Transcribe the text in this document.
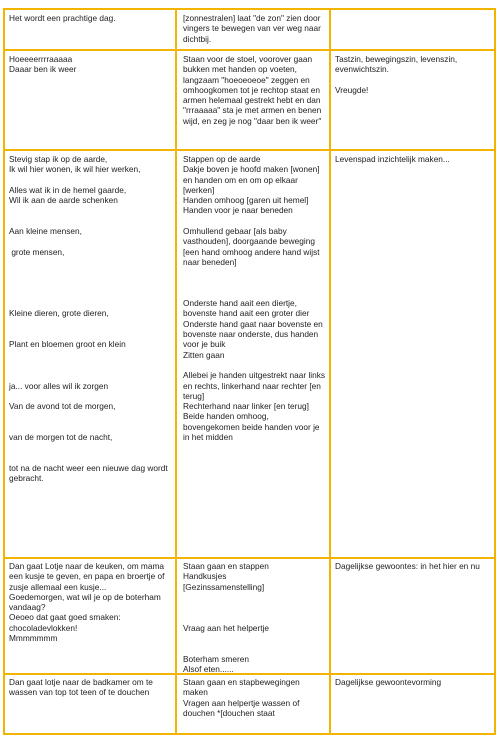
Het wordt een prachtige dag.	[zonnestralen] laat "de zon" zien door vingers te bewegen van ver weg naar dichtbij.
Hoeeeerrrraaaaa
Daaar ben ik weer
Staan voor de stoel, voorover gaan bukken met handen op voeten, langzaam "hoeoeoeoe" zeggen en omhoogkomen tot je rechtop staat en armen helemaal gestrekt hebt en dan "rrraaaaa" sta je met armen en benen wijd, en zeg je nog "daar ben ik weer"
Tastzin, bewegingszin, levenszin, evenwichtszin.

Vreugde!
Stevig stap ik op de aarde,
Ik wil hier wonen, ik wil hier werken,

Alles wat ik in de hemel gaarde,
Wil ik aan de aarde schenken

Aan kleine mensen,

grote mensen,

Kleine dieren, grote dieren,

Plant en bloemen groot en klein

ja... voor alles wil ik zorgen

Van de avond tot de morgen,

van de morgen tot de nacht,

tot na de nacht weer een nieuwe dag wordt gebracht.
Stappen op de aarde
Dakje boven je hoofd maken [wonen] en handen om en om op elkaar [werken]
Handen omhoog [garen uit hemel]
Handen voor je naar beneden

Omhullend gebaar [als baby vasthouden], doorgaande beweging [een hand omhoog andere hand wijst naar beneden]

Onderste hand aait een diertje, bovenste hand aait een groter dier
Onderste hand gaat naar bovenste en bovenste naar onderste, dus handen voor je buik
Zitten gaan

Allebei je handen uitgestrekt naar links en rechts, linkerhand naar rechter [en terug]
Rechterhand naar linker [en terug]
Beide handen omhoog, bovengekomen beide handen voor je in het midden
Levenspad inzichtelijk maken...
Dan gaat Lotje naar de keuken, om mama een kusje te geven, en papa en broertje of zusje allemaal een kusje...
Goedemorgen, wat wil je op de boterham vandaag?
Oeoeo dat gaat goed smaken: chocoladevlokken!
Mmmmmmm
Staan gaan en stappen
Handkusjes
[Gezinssamenstelling]

Vraag aan het helpertje

Boterham smeren
Alsof eten......
Dagelijkse gewoontes: in het hier en nu
Dan gaat lotje naar de badkamer om te wassen van top tot teen of te douchen
Staan gaan en stapbewegingen maken
Vragen aan helpertje wassen of douchen *[douchen staat
Dagelijkse gewoontevorming
